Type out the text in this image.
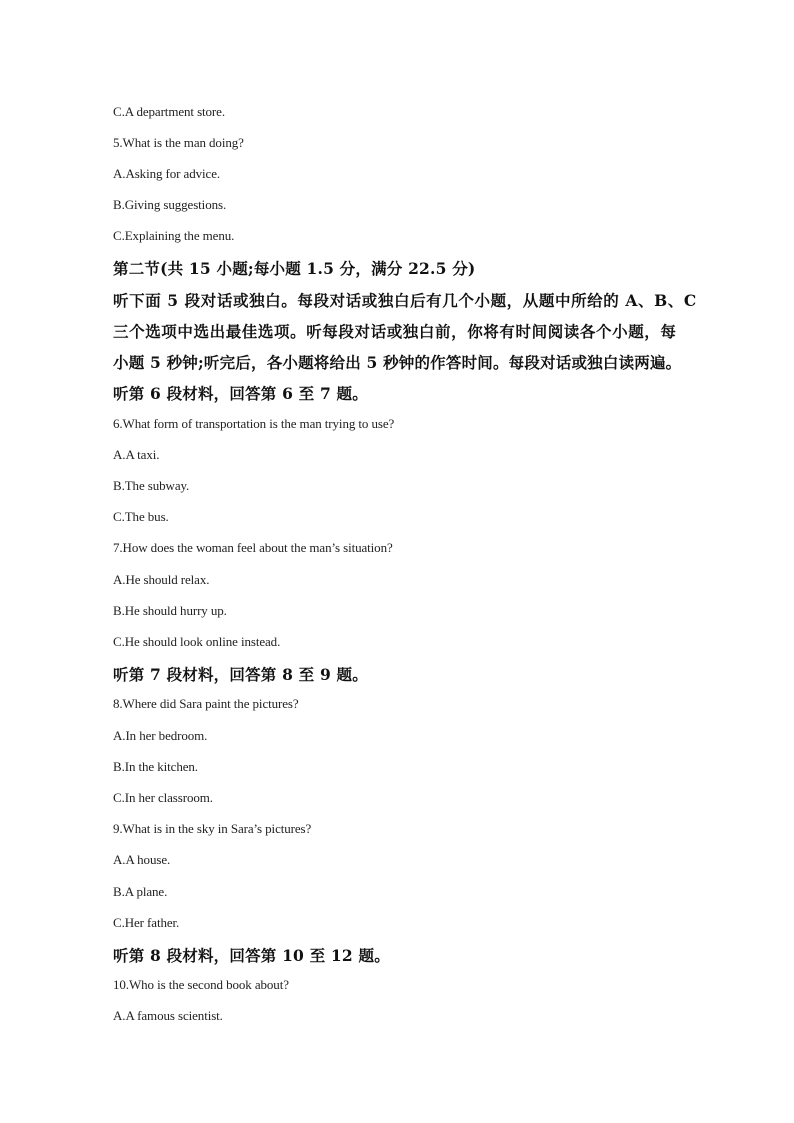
C.A department store.
5.What is the man doing?
A.Asking for advice.
B.Giving suggestions.
C.Explaining the menu.
第二节(共 15 小题;每小题 1.5 分，满分 22.5 分)
听下面 5 段对话或独白。每段对话或独白后有几个小题，从题中所给的 A、B、C
三个选项中选出最佳选项。听每段对话或独白前，你将有时间阅读各个小题，每
小题 5 秒钟;听完后，各小题将给出 5 秒钟的作答时间。每段对话或独白读两遍。
听第 6 段材料，回答第 6 至 7 题。
6.What form of transportation is the man trying to use?
A.A taxi.
B.The subway.
C.The bus.
7.How does the woman feel about the man’s situation?
A.He should relax.
B.He should hurry up.
C.He should look online instead.
听第 7 段材料，回答第 8 至 9 题。
8.Where did Sara paint the pictures?
A.In her bedroom.
B.In the kitchen.
C.In her classroom.
9.What is in the sky in Sara’s pictures?
A.A house.
B.A plane.
C.Her father.
听第 8 段材料，回答第 10 至 12 题。
10.Who is the second book about?
A.A famous scientist.
